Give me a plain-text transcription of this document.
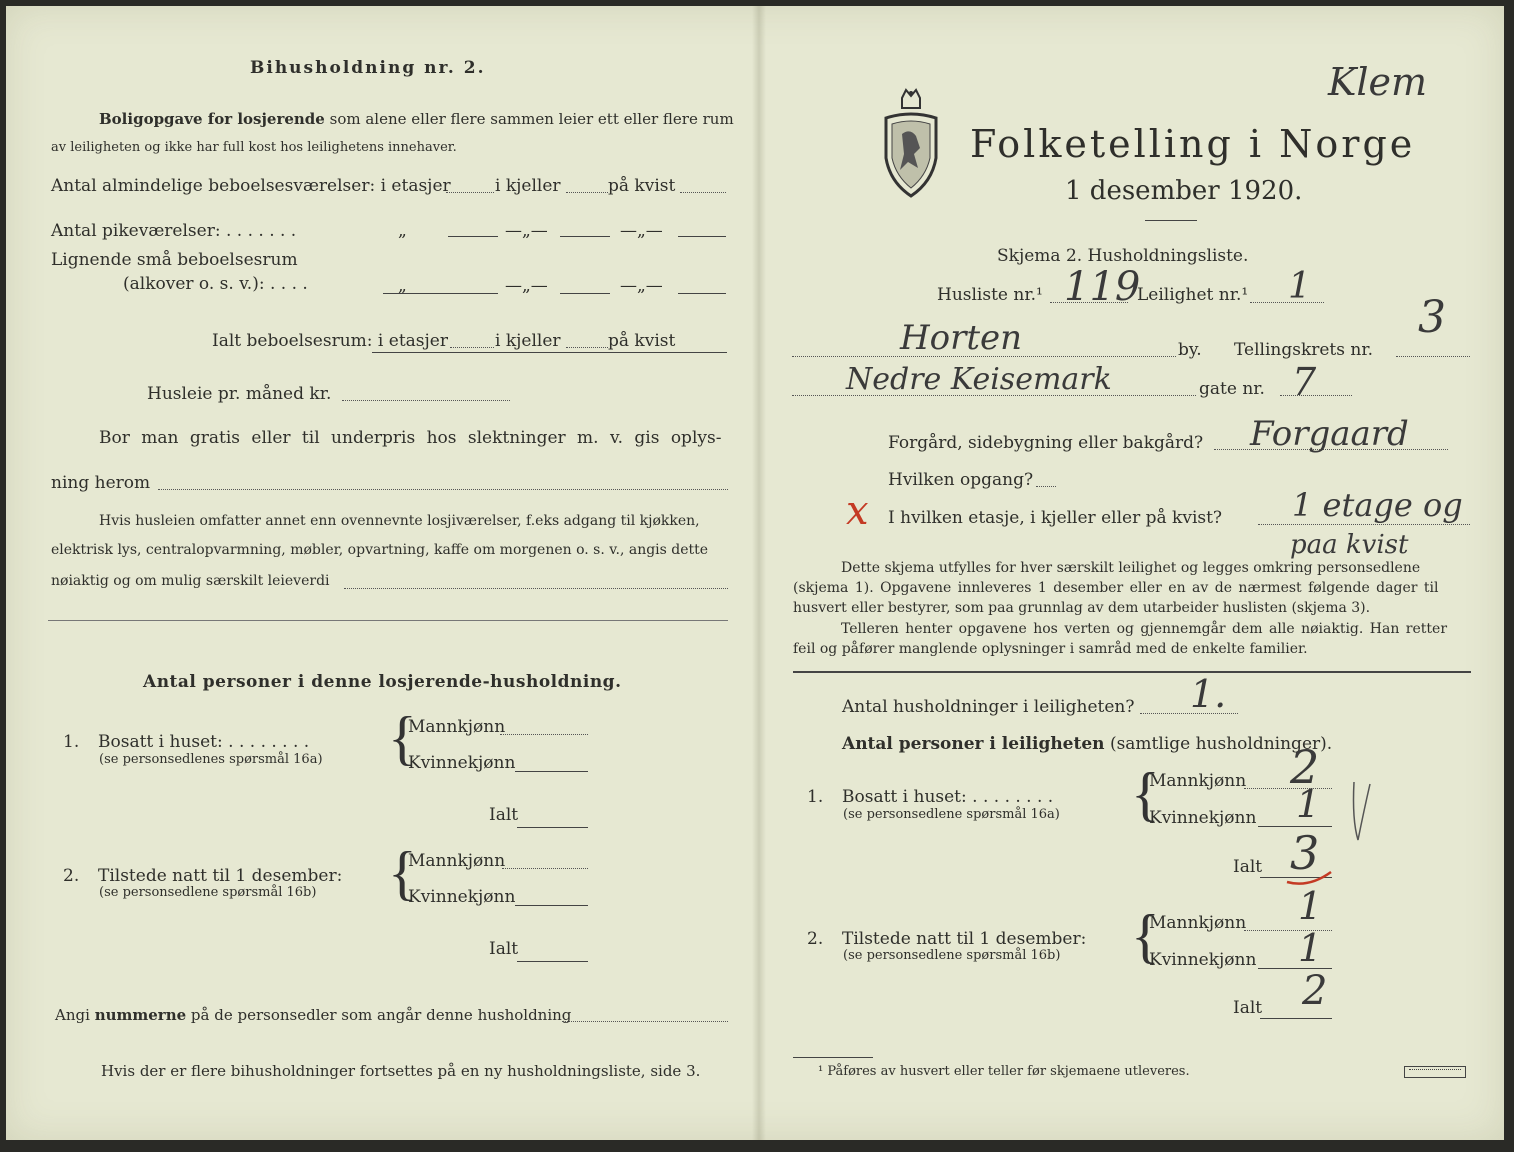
Bihusholdning nr. 2.
Boligopgave for losjerende som alene eller flere sammen leier ett eller flere rum
av leiligheten og ikke har full kost hos leilighetens innehaver.
Antal almindelige beboelsesværelser: i etasjer	i kjeller	på kvist
Antal pikeværelser: . . . . . . .	„	—„—	—„—
Lignende små beboelsesrum
(alkover o. s. v.): . . . .	„	—„—	—„—
Ialt beboelsesrum: i etasjer	i kjeller	på kvist
Husleie pr. måned kr.
Bor man gratis eller til underpris hos slektninger m. v. gis oplys-
ning herom
Hvis husleien omfatter annet enn ovennevnte losjiværelser, f.eks adgang til kjøkken,
elektrisk lys, centralopvarmning, møbler, opvartning, kaffe om morgenen o. s. v., angis dette
nøiaktig og om mulig særskilt leieverdi
Antal personer i denne losjerende-husholdning.
1. Bosatt i huset: . . . . . . . .
(se personsedlenes spørsmål 16a) {
Mannkjønn
Kvinnekjønn
Ialt
2. Tilstede natt til 1 desember:
(se personsedlene spørsmål 16b) {
Mannkjønn
Kvinnekjønn
Ialt
Angi nummerne på de personsedler som angår denne husholdning
Hvis der er flere bihusholdninger fortsettes på en ny husholdningsliste, side 3.
Klem
Folketelling i Norge
1 desember 1920.
Skjema 2. Husholdningsliste.
Husliste nr.¹ 119
Leilighet nr.¹ 1
Horten	by. Tellingskrets nr.
3
Nedre Keisemark	gate nr. 7
Forgård, sidebygning eller bakgård? Forgaard
Hvilken opgang?
x I hvilken etasje, i kjeller eller på kvist? 1 etage og
paa kvist
Dette skjema utfylles for hver særskilt leilighet og legges omkring personsedlene
(skjema 1). Opgavene innleveres 1 desember eller en av de nærmest følgende dager til
husvert eller bestyrer, som paa grunnlag av dem utarbeider huslisten (skjema 3).
Telleren henter opgavene hos verten og gjennemgår dem alle nøiaktig. Han retter
feil og påfører manglende oplysninger i samråd med de enkelte familier.
Antal husholdninger i leiligheten? 1.
Antal personer i leiligheten (samtlige husholdninger).
1. Bosatt i huset: . . . . . . . .
(se personsedlene spørsmål 16a) {
Mannkjønn 2
Kvinnekjønn 1
Ialt 3
2. Tilstede natt til 1 desember:
(se personsedlene spørsmål 16b) {
Mannkjønn 1
Kvinnekjønn 1
Ialt 2
¹ Påføres av husvert eller teller før skjemaene utleveres.
